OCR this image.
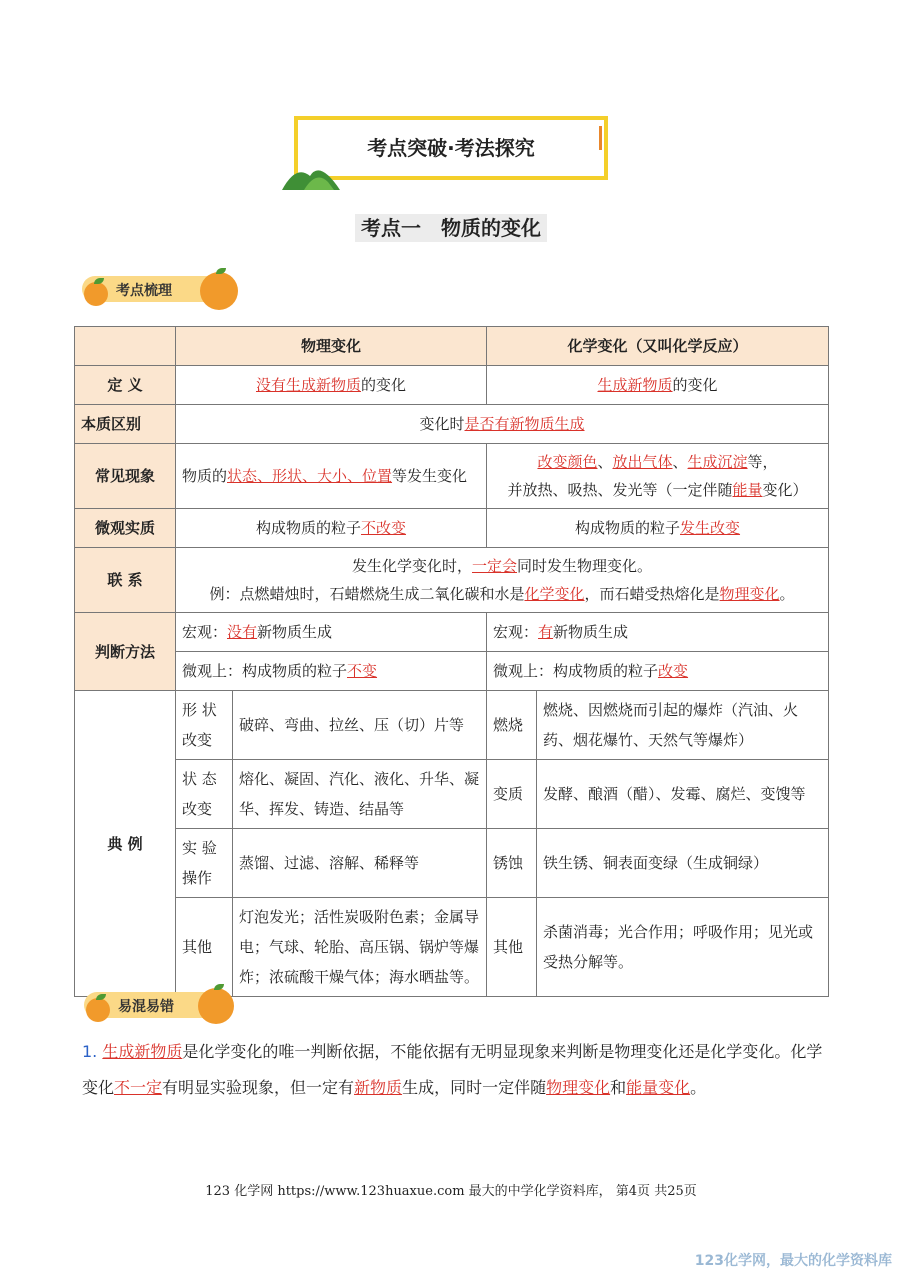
考点突破·考法探究
考点一　物质的变化
考点梳理
	物理变化		化学变化（又叫化学反应）	
定 义	没有生成新物质的变化		生成新物质的变化	
本质区别	变化时是否有新物质生成			
常见现象	物质的状态、形状、大小、位置等发生变化		改变颜色、放出气体、生成沉淀等，
并放热、吸热、发光等（一定伴随能量变化）	
微观实质	构成物质的粒子不改变		构成物质的粒子发生改变	
联 系	发生化学变化时，一定会同时发生物理变化。
例：点燃蜡烛时，石蜡燃烧生成二氧化碳和水是化学变化，而石蜡受热熔化是物理变化。			
判断方法	宏观：没有新物质生成		宏观：有新物质生成	
	微观上：构成物质的粒子不变		微观上：构成物质的粒子改变	
典 例	形 状 改变	破碎、弯曲、拉丝、压（切）片等	燃烧	燃烧、因燃烧而引起的爆炸（汽油、火药、烟花爆竹、天然气等爆炸）
	状 态 改变	熔化、凝固、汽化、液化、升华、凝华、挥发、铸造、结晶等	变质	发酵、酿酒（醋）、发霉、腐烂、变馊等
	实 验 操作	蒸馏、过滤、溶解、稀释等	锈蚀	铁生锈、铜表面变绿（生成铜绿）
	其他	灯泡发光；活性炭吸附色素；金属导电；气球、轮胎、高压锅、锅炉等爆炸；浓硫酸干燥气体；海水晒盐等。	其他	杀菌消毒；光合作用；呼吸作用；见光或受热分解等。
易混易错
1. 生成新物质是化学变化的唯一判断依据，不能依据有无明显现象来判断是物理变化还是化学变化。化学变化不一定有明显实验现象，但一定有新物质生成，同时一定伴随物理变化和能量变化。
123 化学网 https://www.123huaxue.com 最大的中学化学资料库， 第4页 共25页
123化学网，最大的化学资料库
